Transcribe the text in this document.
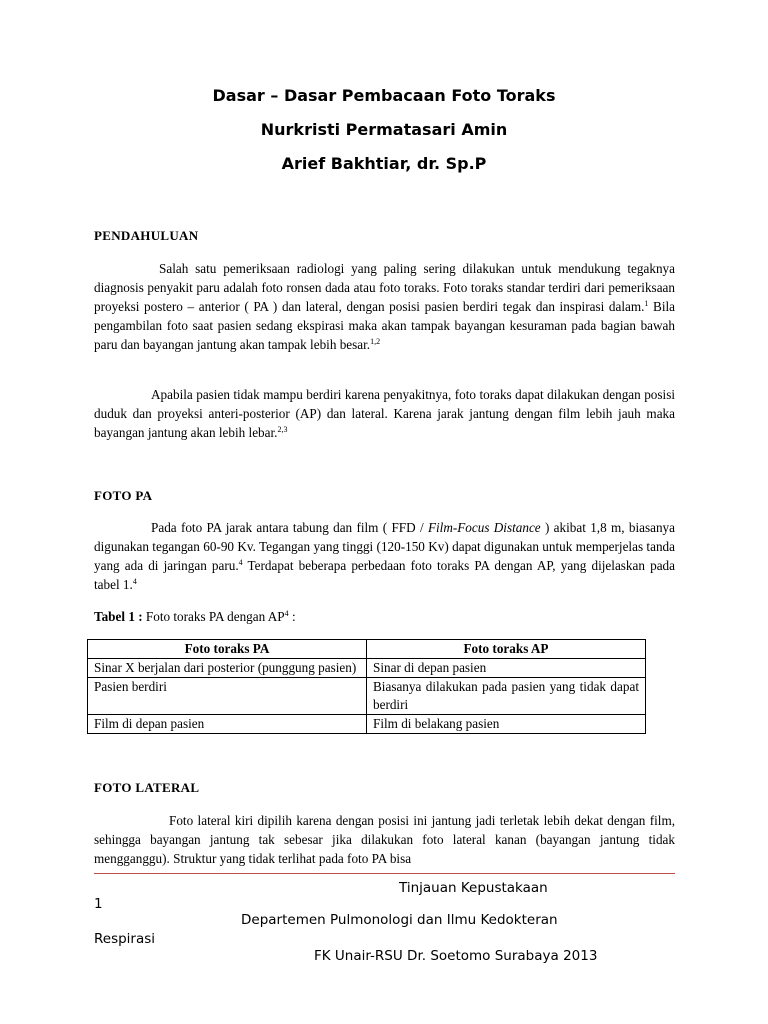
Dasar – Dasar Pembacaan Foto Toraks
Nurkristi Permatasari Amin
Arief Bakhtiar, dr. Sp.P
PENDAHULUAN
Salah satu pemeriksaan radiologi yang paling sering dilakukan untuk mendukung tegaknya diagnosis penyakit paru adalah foto ronsen dada atau foto toraks. Foto toraks standar terdiri dari pemeriksaan proyeksi postero – anterior ( PA ) dan lateral, dengan posisi pasien berdiri tegak dan inspirasi dalam.$^1$ Bila pengambilan foto saat pasien sedang ekspirasi maka akan tampak bayangan kesuraman pada bagian bawah paru dan bayangan jantung akan tampak lebih besar.$^{1,2}$
Apabila pasien tidak mampu berdiri karena penyakitnya, foto toraks dapat dilakukan dengan posisi duduk dan proyeksi anteri-posterior (AP) dan lateral. Karena jarak jantung dengan film lebih jauh maka bayangan jantung akan lebih lebar.$^{2,3}$
FOTO PA
Pada foto PA jarak antara tabung dan film ( FFD / Film-Focus Distance ) akibat 1,8 m, biasanya digunakan tegangan 60-90 Kv. Tegangan yang tinggi (120-150 Kv) dapat digunakan untuk memperjelas tanda yang ada di jaringan paru.$^4$ Terdapat beberapa perbedaan foto toraks PA dengan AP, yang dijelaskan pada tabel 1.$^4$
Tabel 1 : Foto toraks PA dengan $AP^4$ :
Foto toraks PA	Foto toraks AP
Sinar X berjalan dari posterior (punggung pasien)	Sinar di depan pasien
Pasien berdiri	Biasanya dilakukan pada pasien yang tidak dapat berdiri
Film di depan pasien	Film di belakang pasien
FOTO LATERAL
Foto lateral kiri dipilih karena dengan posisi ini jantung jadi terletak lebih dekat dengan film, sehingga bayangan jantung tak sebesar jika dilakukan foto lateral kanan (bayangan jantung tidak mengganggu). Struktur yang tidak terlihat pada foto PA bisa
Tinjauan Kepustakaan
1
Departemen Pulmonologi dan Ilmu Kedokteran
Respirasi
FK Unair-RSU Dr. Soetomo Surabaya 2013
